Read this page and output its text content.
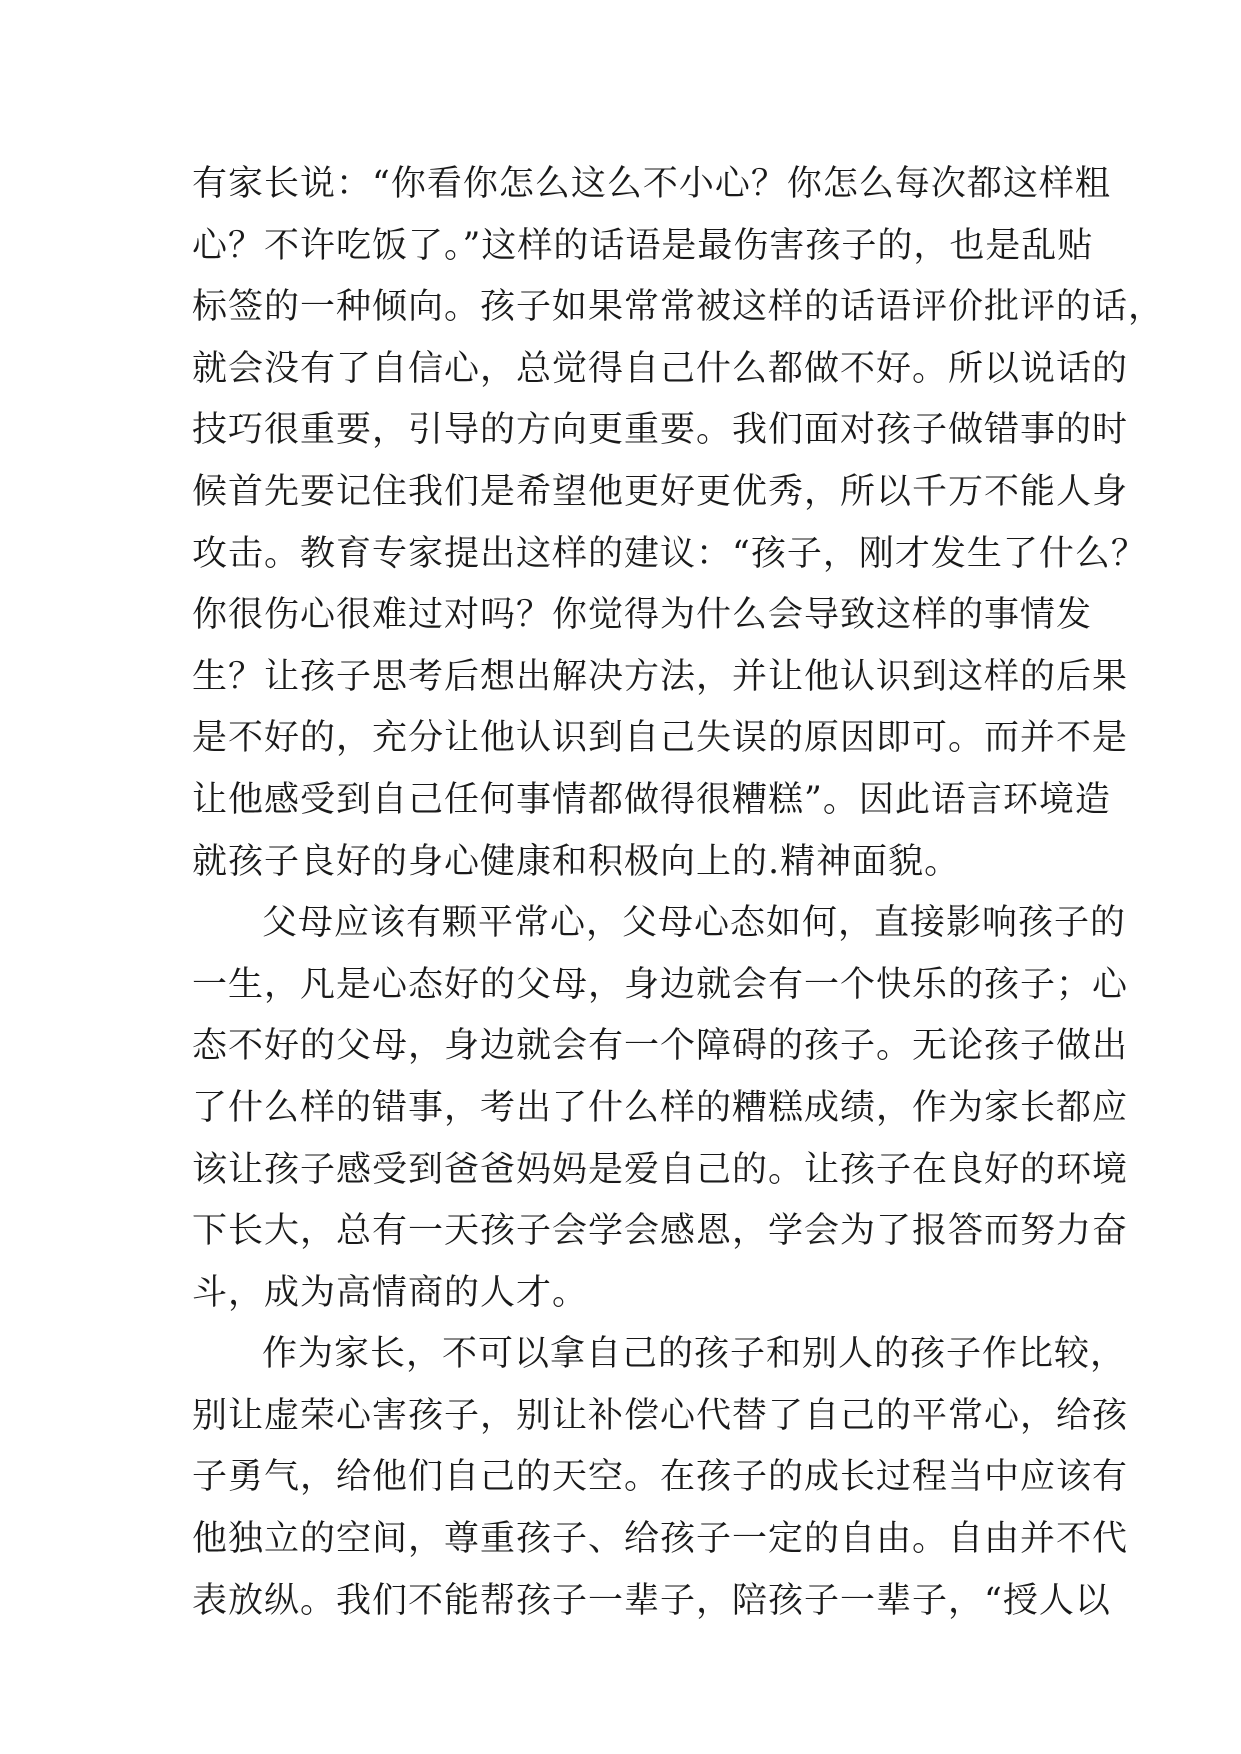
有家长说：“你看你怎么这么不小心？你怎么每次都这样粗
心？不许吃饭了。”这样的话语是最伤害孩子的，也是乱贴
标签的一种倾向。孩子如果常常被这样的话语评价批评的话，
就会没有了自信心，总觉得自己什么都做不好。所以说话的
技巧很重要，引导的方向更重要。我们面对孩子做错事的时
候首先要记住我们是希望他更好更优秀，所以千万不能人身
攻击。教育专家提出这样的建议：“孩子，刚才发生了什么？
你很伤心很难过对吗？你觉得为什么会导致这样的事情发
生？让孩子思考后想出解决方法，并让他认识到这样的后果
是不好的，充分让他认识到自己失误的原因即可。而并不是
让他感受到自己任何事情都做得很糟糕”。因此语言环境造
就孩子良好的身心健康和积极向上的.精神面貌。
父母应该有颗平常心，父母心态如何，直接影响孩子的
一生，凡是心态好的父母，身边就会有一个快乐的孩子；心
态不好的父母，身边就会有一个障碍的孩子。无论孩子做出
了什么样的错事，考出了什么样的糟糕成绩，作为家长都应
该让孩子感受到爸爸妈妈是爱自己的。让孩子在良好的环境
下长大，总有一天孩子会学会感恩，学会为了报答而努力奋
斗，成为高情商的人才。
作为家长，不可以拿自己的孩子和别人的孩子作比较，
别让虚荣心害孩子，别让补偿心代替了自己的平常心，给孩
子勇气，给他们自己的天空。在孩子的成长过程当中应该有
他独立的空间，尊重孩子、给孩子一定的自由。自由并不代
表放纵。我们不能帮孩子一辈子，陪孩子一辈子，“授人以
